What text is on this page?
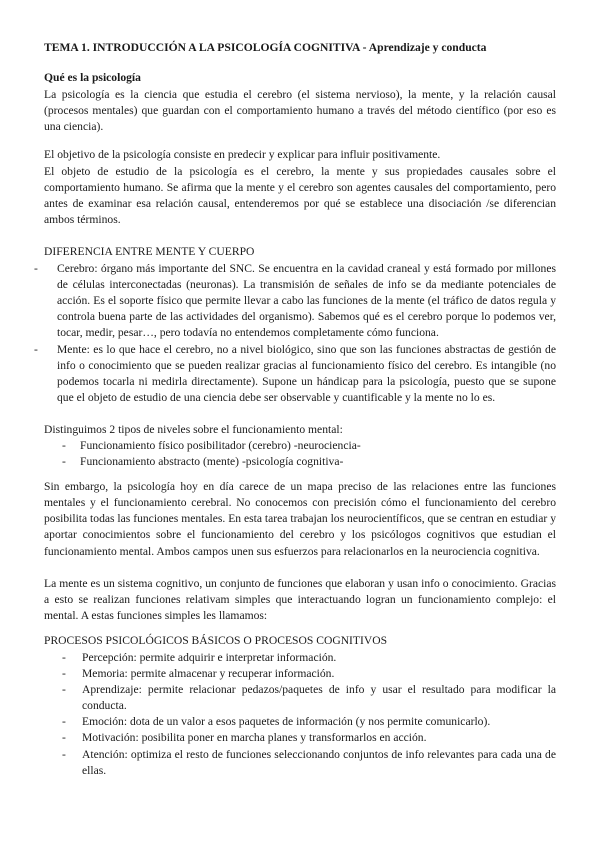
TEMA 1. INTRODUCCIÓN A LA PSICOLOGÍA COGNITIVA - Aprendizaje y conducta

Qué es la psicología

La psicología es la ciencia que estudia el cerebro (el sistema nervioso), la mente, y la relación causal (procesos mentales) que guardan con el comportamiento humano a través del método científico (por eso es una ciencia).

El objetivo de la psicología consiste en predecir y explicar para influir positivamente.

El objeto de estudio de la psicología es el cerebro, la mente y sus propiedades causales sobre el comportamiento humano. Se afirma que la mente y el cerebro son agentes causales del comportamiento, pero antes de examinar esa relación causal, entenderemos por qué se establece una disociación /se diferencian ambos términos.

DIFERENCIA ENTRE MENTE Y CUERPO

- Cerebro: órgano más importante del SNC. Se encuentra en la cavidad craneal y está formado por millones de células interconectadas (neuronas). La transmisión de señales de info se da mediante potenciales de acción. Es el soporte físico que permite llevar a cabo las funciones de la mente (el tráfico de datos regula y controla buena parte de las actividades del organismo). Sabemos qué es el cerebro porque lo podemos ver, tocar, medir, pesar…, pero todavía no entendemos completamente cómo funciona.
- Mente: es lo que hace el cerebro, no a nivel biológico, sino que son las funciones abstractas de gestión de info o conocimiento que se pueden realizar gracias al funcionamiento físico del cerebro. Es intangible (no podemos tocarla ni medirla directamente). Supone un hándicap para la psicología, puesto que se supone que el objeto de estudio de una ciencia debe ser observable y cuantificable y la mente no lo es.

Distinguimos 2 tipos de niveles sobre el funcionamiento mental:

- Funcionamiento físico posibilitador (cerebro) -neurociencia-
- Funcionamiento abstracto (mente) -psicología cognitiva-

Sin embargo, la psicología hoy en día carece de un mapa preciso de las relaciones entre las funciones mentales y el funcionamiento cerebral. No conocemos con precisión cómo el funcionamiento del cerebro posibilita todas las funciones mentales. En esta tarea trabajan los neurocientíficos, que se centran en estudiar y aportar conocimientos sobre el funcionamiento del cerebro y los psicólogos cognitivos que estudian el funcionamiento mental. Ambos campos unen sus esfuerzos para relacionarlos en la neurociencia cognitiva.

La mente es un sistema cognitivo, un conjunto de funciones que elaboran y usan info o conocimiento. Gracias a esto se realizan funciones relativam simples que interactuando logran un funcionamiento complejo: el mental. A estas funciones simples les llamamos:

PROCESOS PSICOLÓGICOS BÁSICOS O PROCESOS COGNITIVOS

- Percepción: permite adquirir e interpretar información.
- Memoria: permite almacenar y recuperar información.
- Aprendizaje: permite relacionar pedazos/paquetes de info y usar el resultado para modificar la conducta.
- Emoción: dota de un valor a esos paquetes de información (y nos permite comunicarlo).
- Motivación: posibilita poner en marcha planes y transformarlos en acción.
- Atención: optimiza el resto de funciones seleccionando conjuntos de info relevantes para cada una de ellas.
